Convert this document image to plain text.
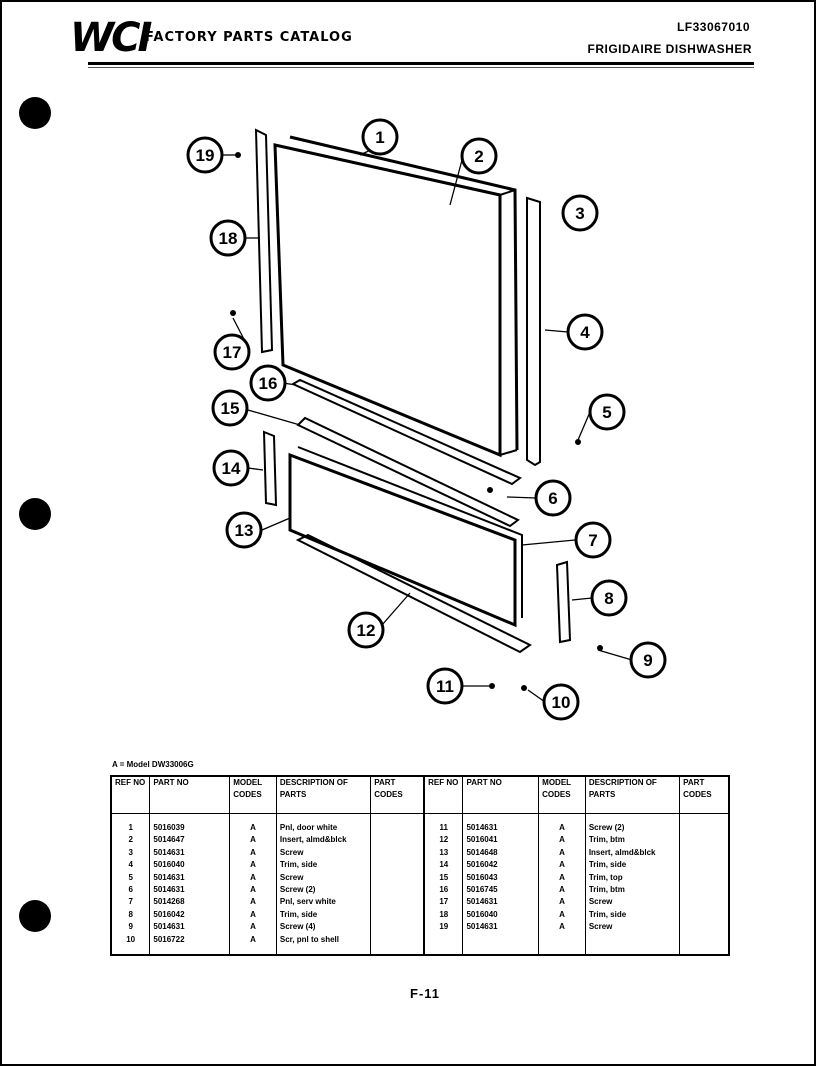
WCI
FACTORY PARTS CATALOG
LF33067010
FRIGIDAIRE DISHWASHER
1
2
3
4
5
6
7
8
9
10
11
12
13
14
15
16
17
18
19
A = Model DW33006G
REF NO	PART NO	MODEL CODES	DESCRIPTION OF PARTS	PART CODES	REF NO	PART NO	MODEL CODES	DESCRIPTION OF PARTS	PART CODES

1	5016039	A	Pnl, door white		11	5014631	A	Screw (2)	
2	5014647	A	Insert, almd&blck		12	5016041	A	Trim, btm	
3	5014631	A	Screw		13	5014648	A	Insert, almd&blck	
4	5016040	A	Trim, side		14	5016042	A	Trim, side	
5	5014631	A	Screw		15	5016043	A	Trim, top	
6	5014631	A	Screw (2)		16	5016745	A	Trim, btm	
7	5014268	A	Pnl, serv white		17	5014631	A	Screw	
8	5016042	A	Trim, side		18	5016040	A	Trim, side	
9	5014631	A	Screw (4)		19	5014631	A	Screw	
10	5016722	A	Scr, pnl to shell						

F-11
